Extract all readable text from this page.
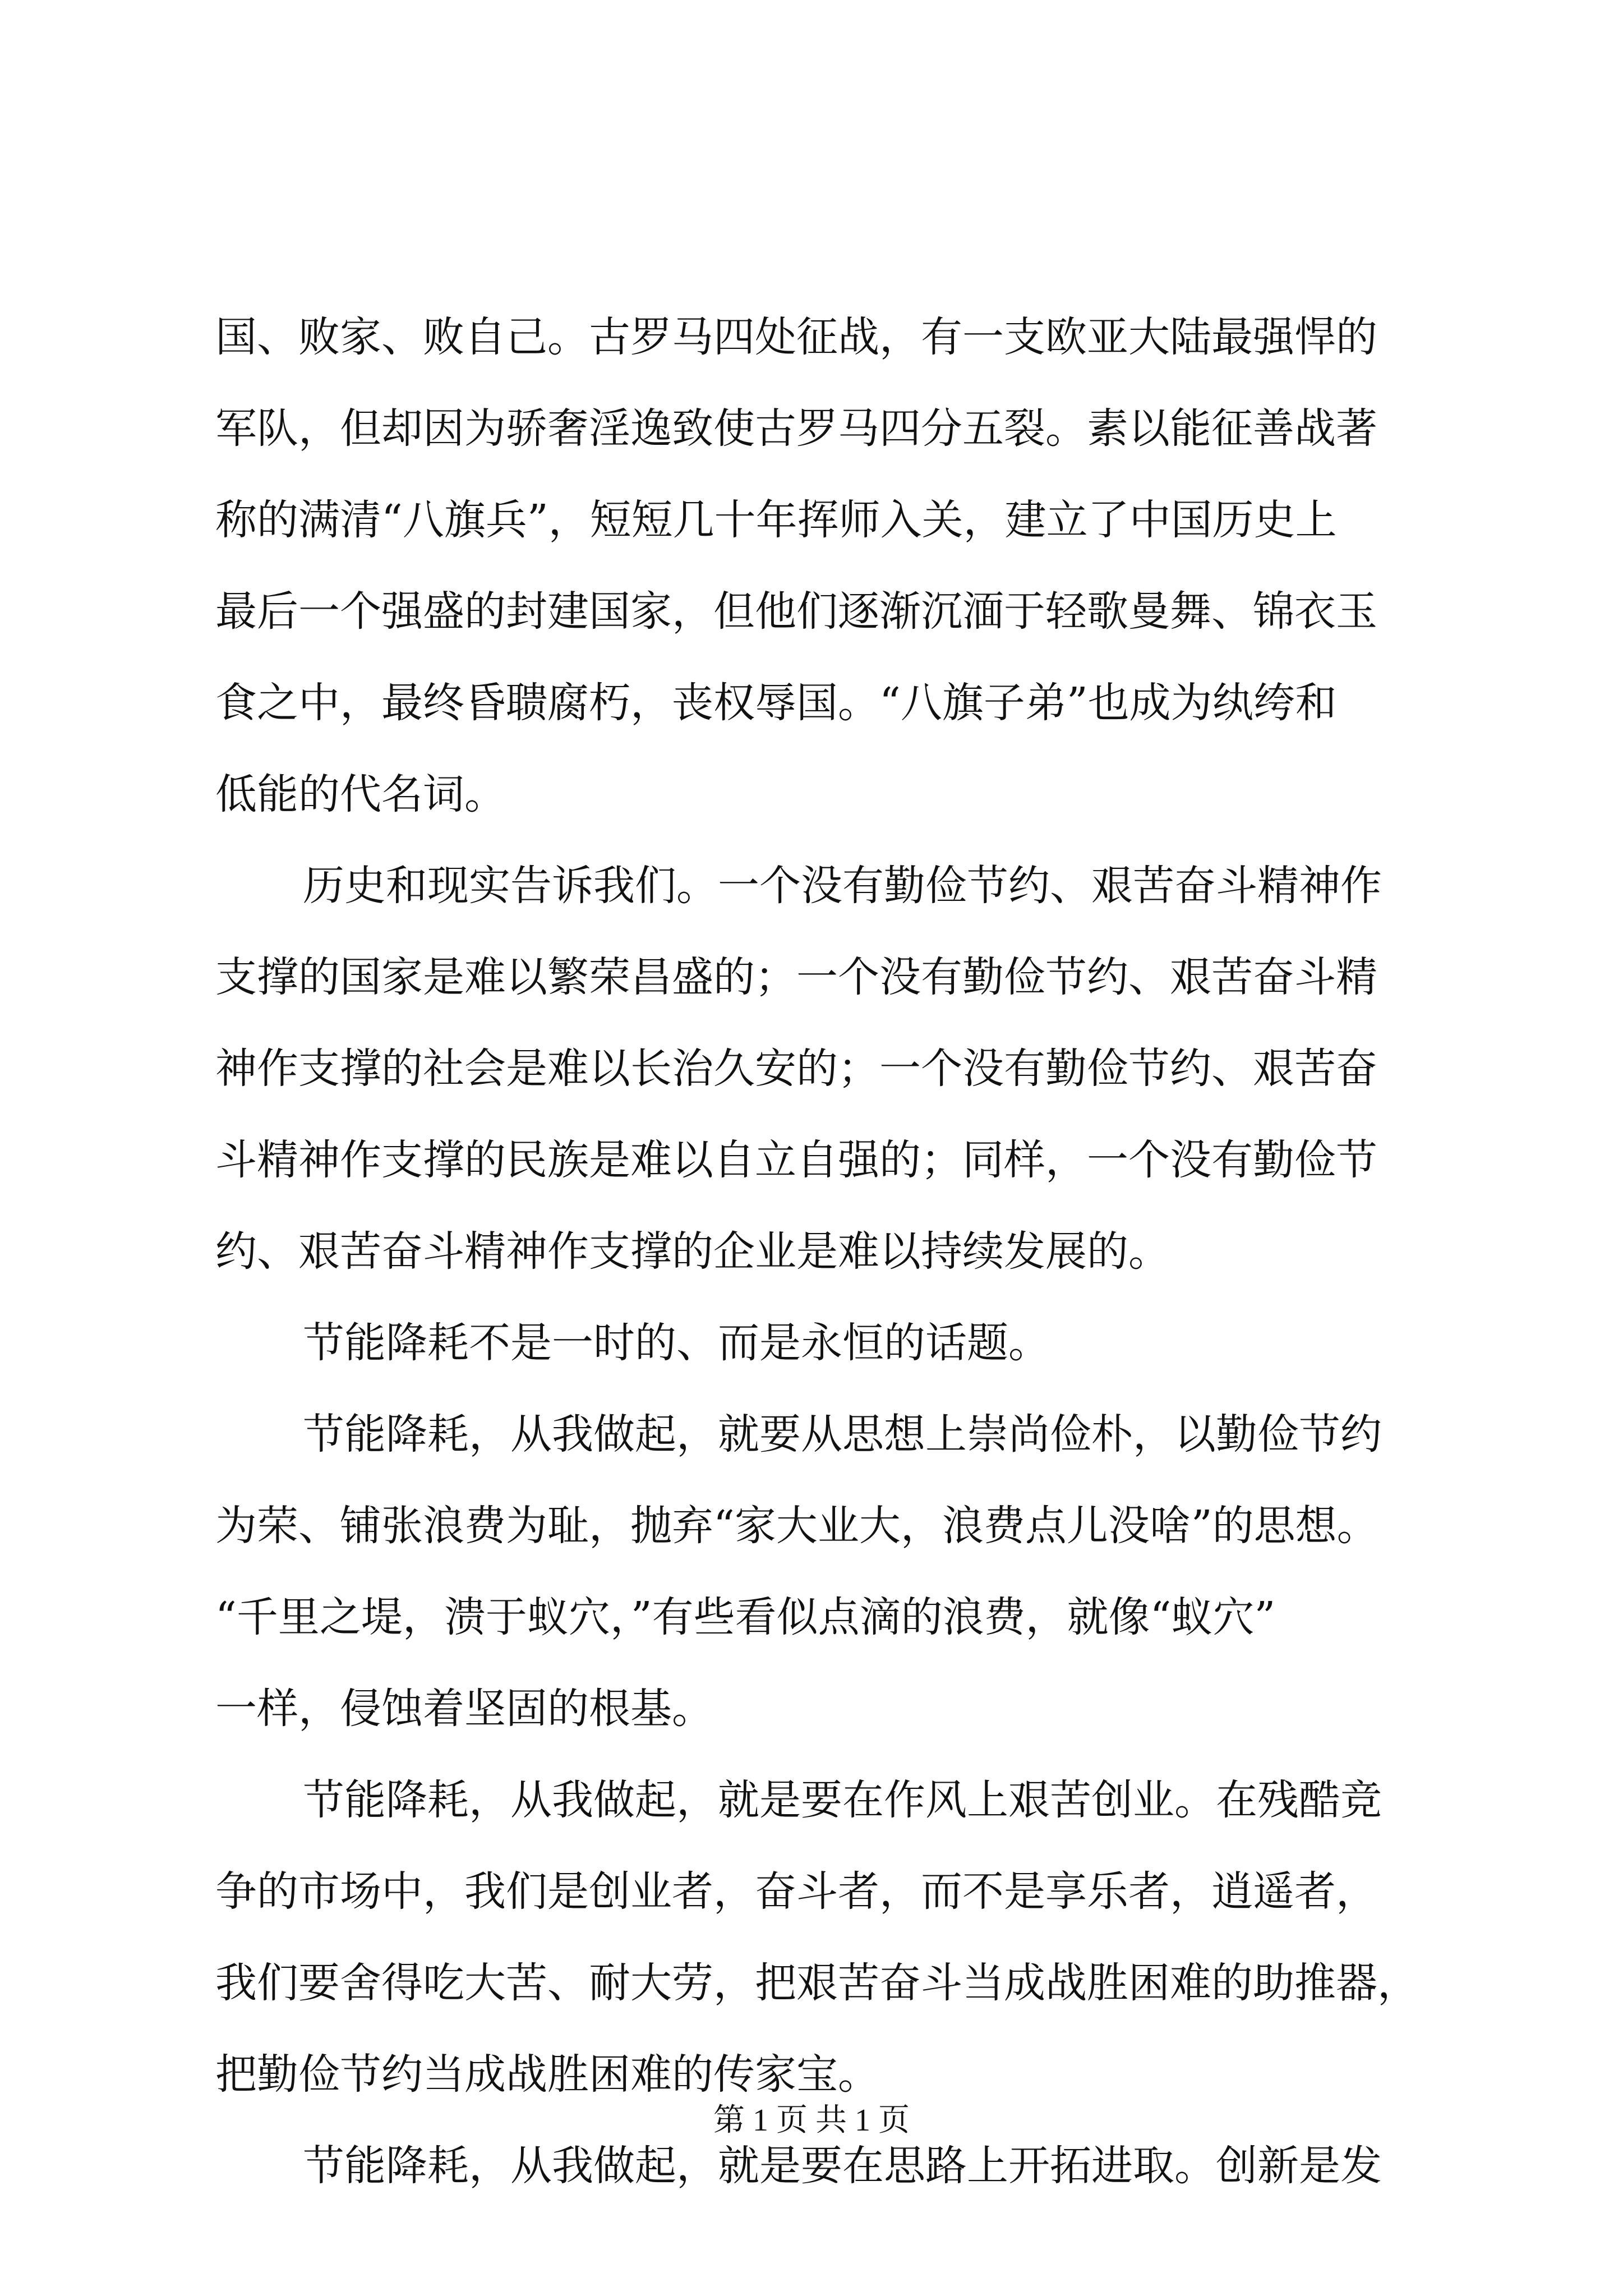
国、败家、败自己。古罗马四处征战，有一支欧亚大陆最强悍的
军队，但却因为骄奢淫逸致使古罗马四分五裂。素以能征善战著
称的满清“八旗兵”，短短几十年挥师入关，建立了中国历史上
最后一个强盛的封建国家，但他们逐渐沉湎于轻歌曼舞、锦衣玉
食之中，最终昏聩腐朽，丧权辱国。“八旗子弟”也成为纨绔和
低能的代名词。
历史和现实告诉我们。一个没有勤俭节约、艰苦奋斗精神作
支撑的国家是难以繁荣昌盛的；一个没有勤俭节约、艰苦奋斗精
神作支撑的社会是难以长治久安的；一个没有勤俭节约、艰苦奋
斗精神作支撑的民族是难以自立自强的；同样，一个没有勤俭节
约、艰苦奋斗精神作支撑的企业是难以持续发展的。
节能降耗不是一时的、而是永恒的话题。
节能降耗，从我做起，就要从思想上崇尚俭朴，以勤俭节约
为荣、铺张浪费为耻，抛弃“家大业大，浪费点儿没啥”的思想。
“千里之堤，溃于蚁穴，”有些看似点滴的浪费，就像“蚁穴”
一样，侵蚀着坚固的根基。
节能降耗，从我做起，就是要在作风上艰苦创业。在残酷竞
争的市场中，我们是创业者，奋斗者，而不是享乐者，逍遥者，
我们要舍得吃大苦、耐大劳，把艰苦奋斗当成战胜困难的助推器，
把勤俭节约当成战胜困难的传家宝。
节能降耗，从我做起，就是要在思路上开拓进取。创新是发
第 1 页 共 1 页
